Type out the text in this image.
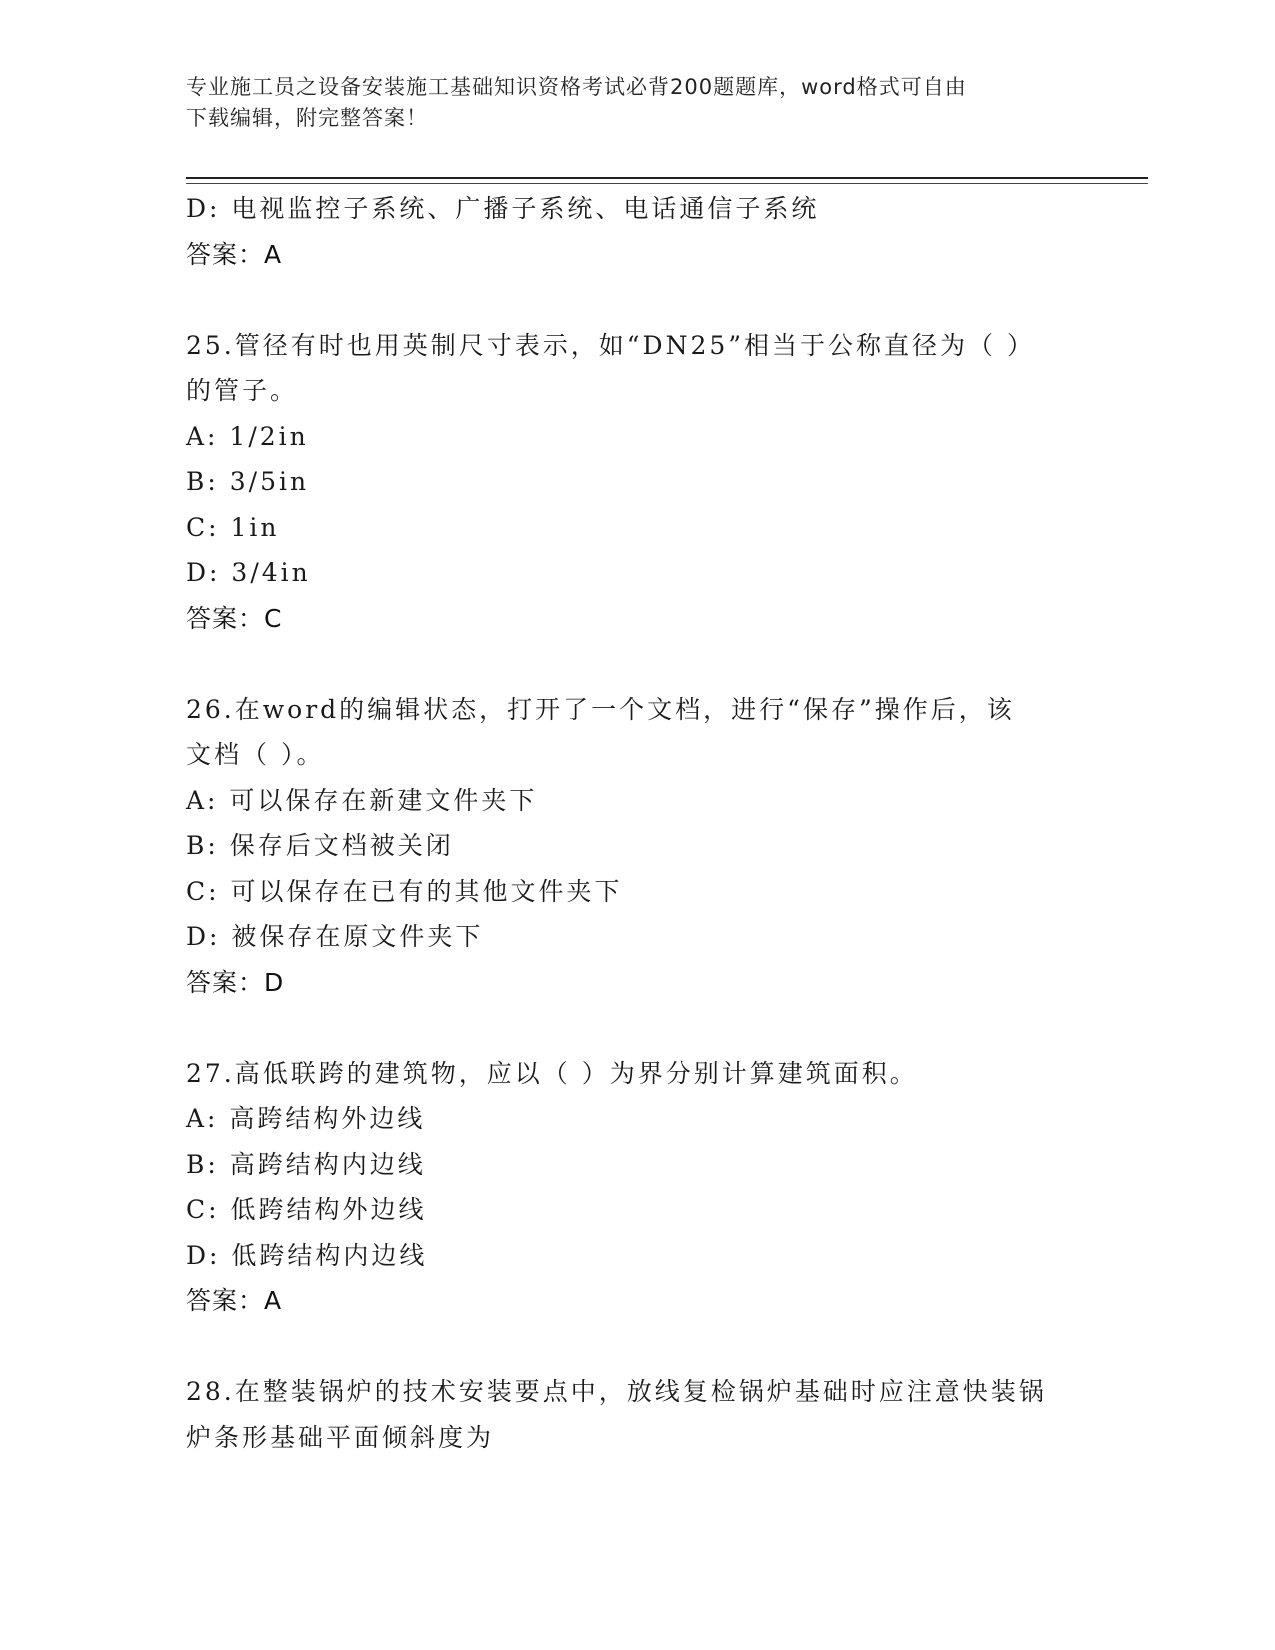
专业施工员之设备安装施工基础知识资格考试必背200题题库，word格式可自由
下载编辑，附完整答案！
D: 电视监控子系统、广播子系统、电话通信子系统
答案：A
25.管径有时也用英制尺寸表示，如“DN25”相当于公称直径为（ ）
的管子。
A: 1/2in
B: 3/5in
C: 1in
D: 3/4in
答案：C
26.在word的编辑状态，打开了一个文档，进行“保存”操作后，该
文档（ ）。
A: 可以保存在新建文件夹下
B: 保存后文档被关闭
C: 可以保存在已有的其他文件夹下
D: 被保存在原文件夹下
答案：D
27.高低联跨的建筑物，应以（ ）为界分别计算建筑面积。
A: 高跨结构外边线
B: 高跨结构内边线
C: 低跨结构外边线
D: 低跨结构内边线
答案：A
28.在整装锅炉的技术安装要点中，放线复检锅炉基础时应注意快装锅
炉条形基础平面倾斜度为
